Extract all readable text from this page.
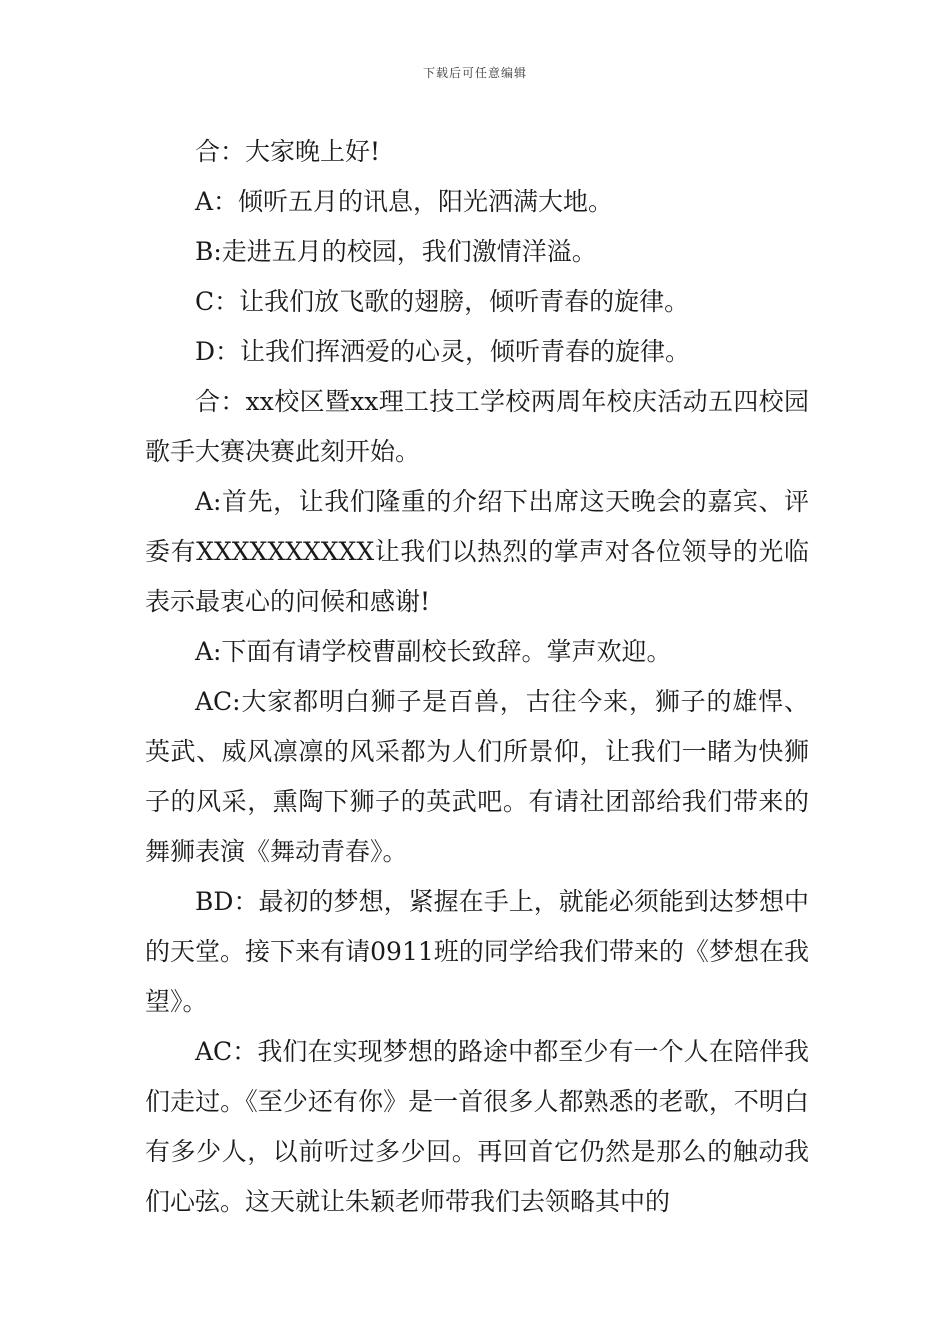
下载后可任意编辑

合：大家晚上好!

A：倾听五月的讯息，阳光洒满大地。

B:走进五月的校园，我们激情洋溢。

C：让我们放飞歌的翅膀，倾听青春的旋律。

D：让我们挥洒爱的心灵，倾听青春的旋律。

合：xx校区暨xx理工技工学校两周年校庆活动五四校园歌手大赛决赛此刻开始。

A:首先，让我们隆重的介绍下出席这天晚会的嘉宾、评委有XXXXXXXXXX让我们以热烈的掌声对各位领导的光临表示最衷心的问候和感谢!

A:下面有请学校曹副校长致辞。掌声欢迎。

AC:大家都明白狮子是百兽，古往今来，狮子的雄悍、英武、威风凛凛的风采都为人们所景仰，让我们一睹为快狮子的风采，熏陶下狮子的英武吧。有请社团部给我们带来的舞狮表演《舞动青春》。

BD：最初的梦想，紧握在手上，就能必须能到达梦想中的天堂。接下来有请0911班的同学给我们带来的《梦想在我望》。

AC：我们在实现梦想的路途中都至少有一个人在陪伴我们走过。《至少还有你》是一首很多人都熟悉的老歌，不明白有多少人，以前听过多少回。再回首它仍然是那么的触动我们心弦。这天就让朱颖老师带我们去领略其中的
